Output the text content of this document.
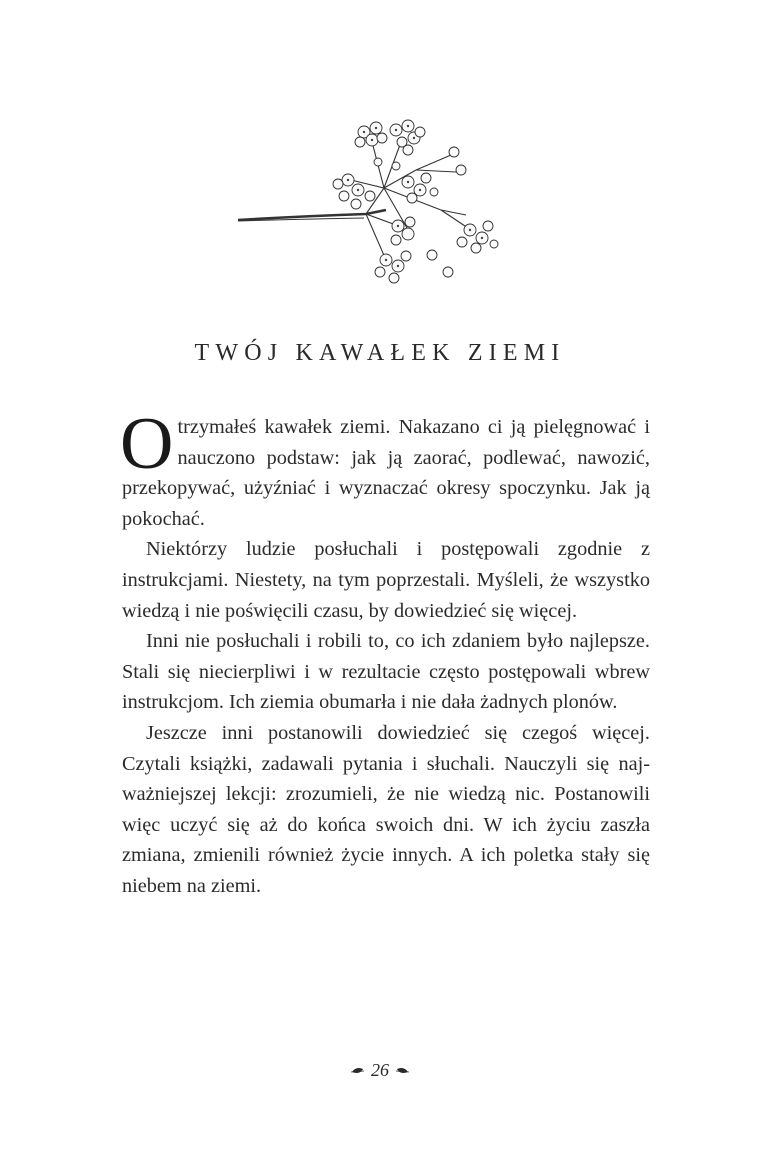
TWÓJ KAWAŁEK ZIEMI

Otrzymałeś kawałek ziemi. Nakazano ci ją pielęgnować i nauczono podstaw: jak ją zaorać, podlewać, nawozić, przekopywać, użyźniać i wyznaczać okresy spoczynku. Jak ją pokochać.

Niektórzy ludzie posłuchali i postępowali zgodnie z instrukcjami. Niestety, na tym poprzestali. Myśleli, że wszystko wiedzą i nie poświęcili czasu, by dowiedzieć się więcej.

Inni nie posłuchali i robili to, co ich zdaniem było najlepsze. Stali się niecierpliwi i w rezultacie często postępowali wbrew instrukcjom. Ich ziemia obumarła i nie dała żadnych plonów.

Jeszcze inni postanowili dowiedzieć się czegoś więcej. Czytali książki, zadawali pytania i słuchali. Nauczyli się najważniejszej lekcji: zrozumieli, że nie wiedzą nic. Postanowili więc uczyć się aż do końca swoich dni. W ich życiu zaszła zmiana, zmienili również życie innych. A ich poletka stały się niebem na ziemi.

26
